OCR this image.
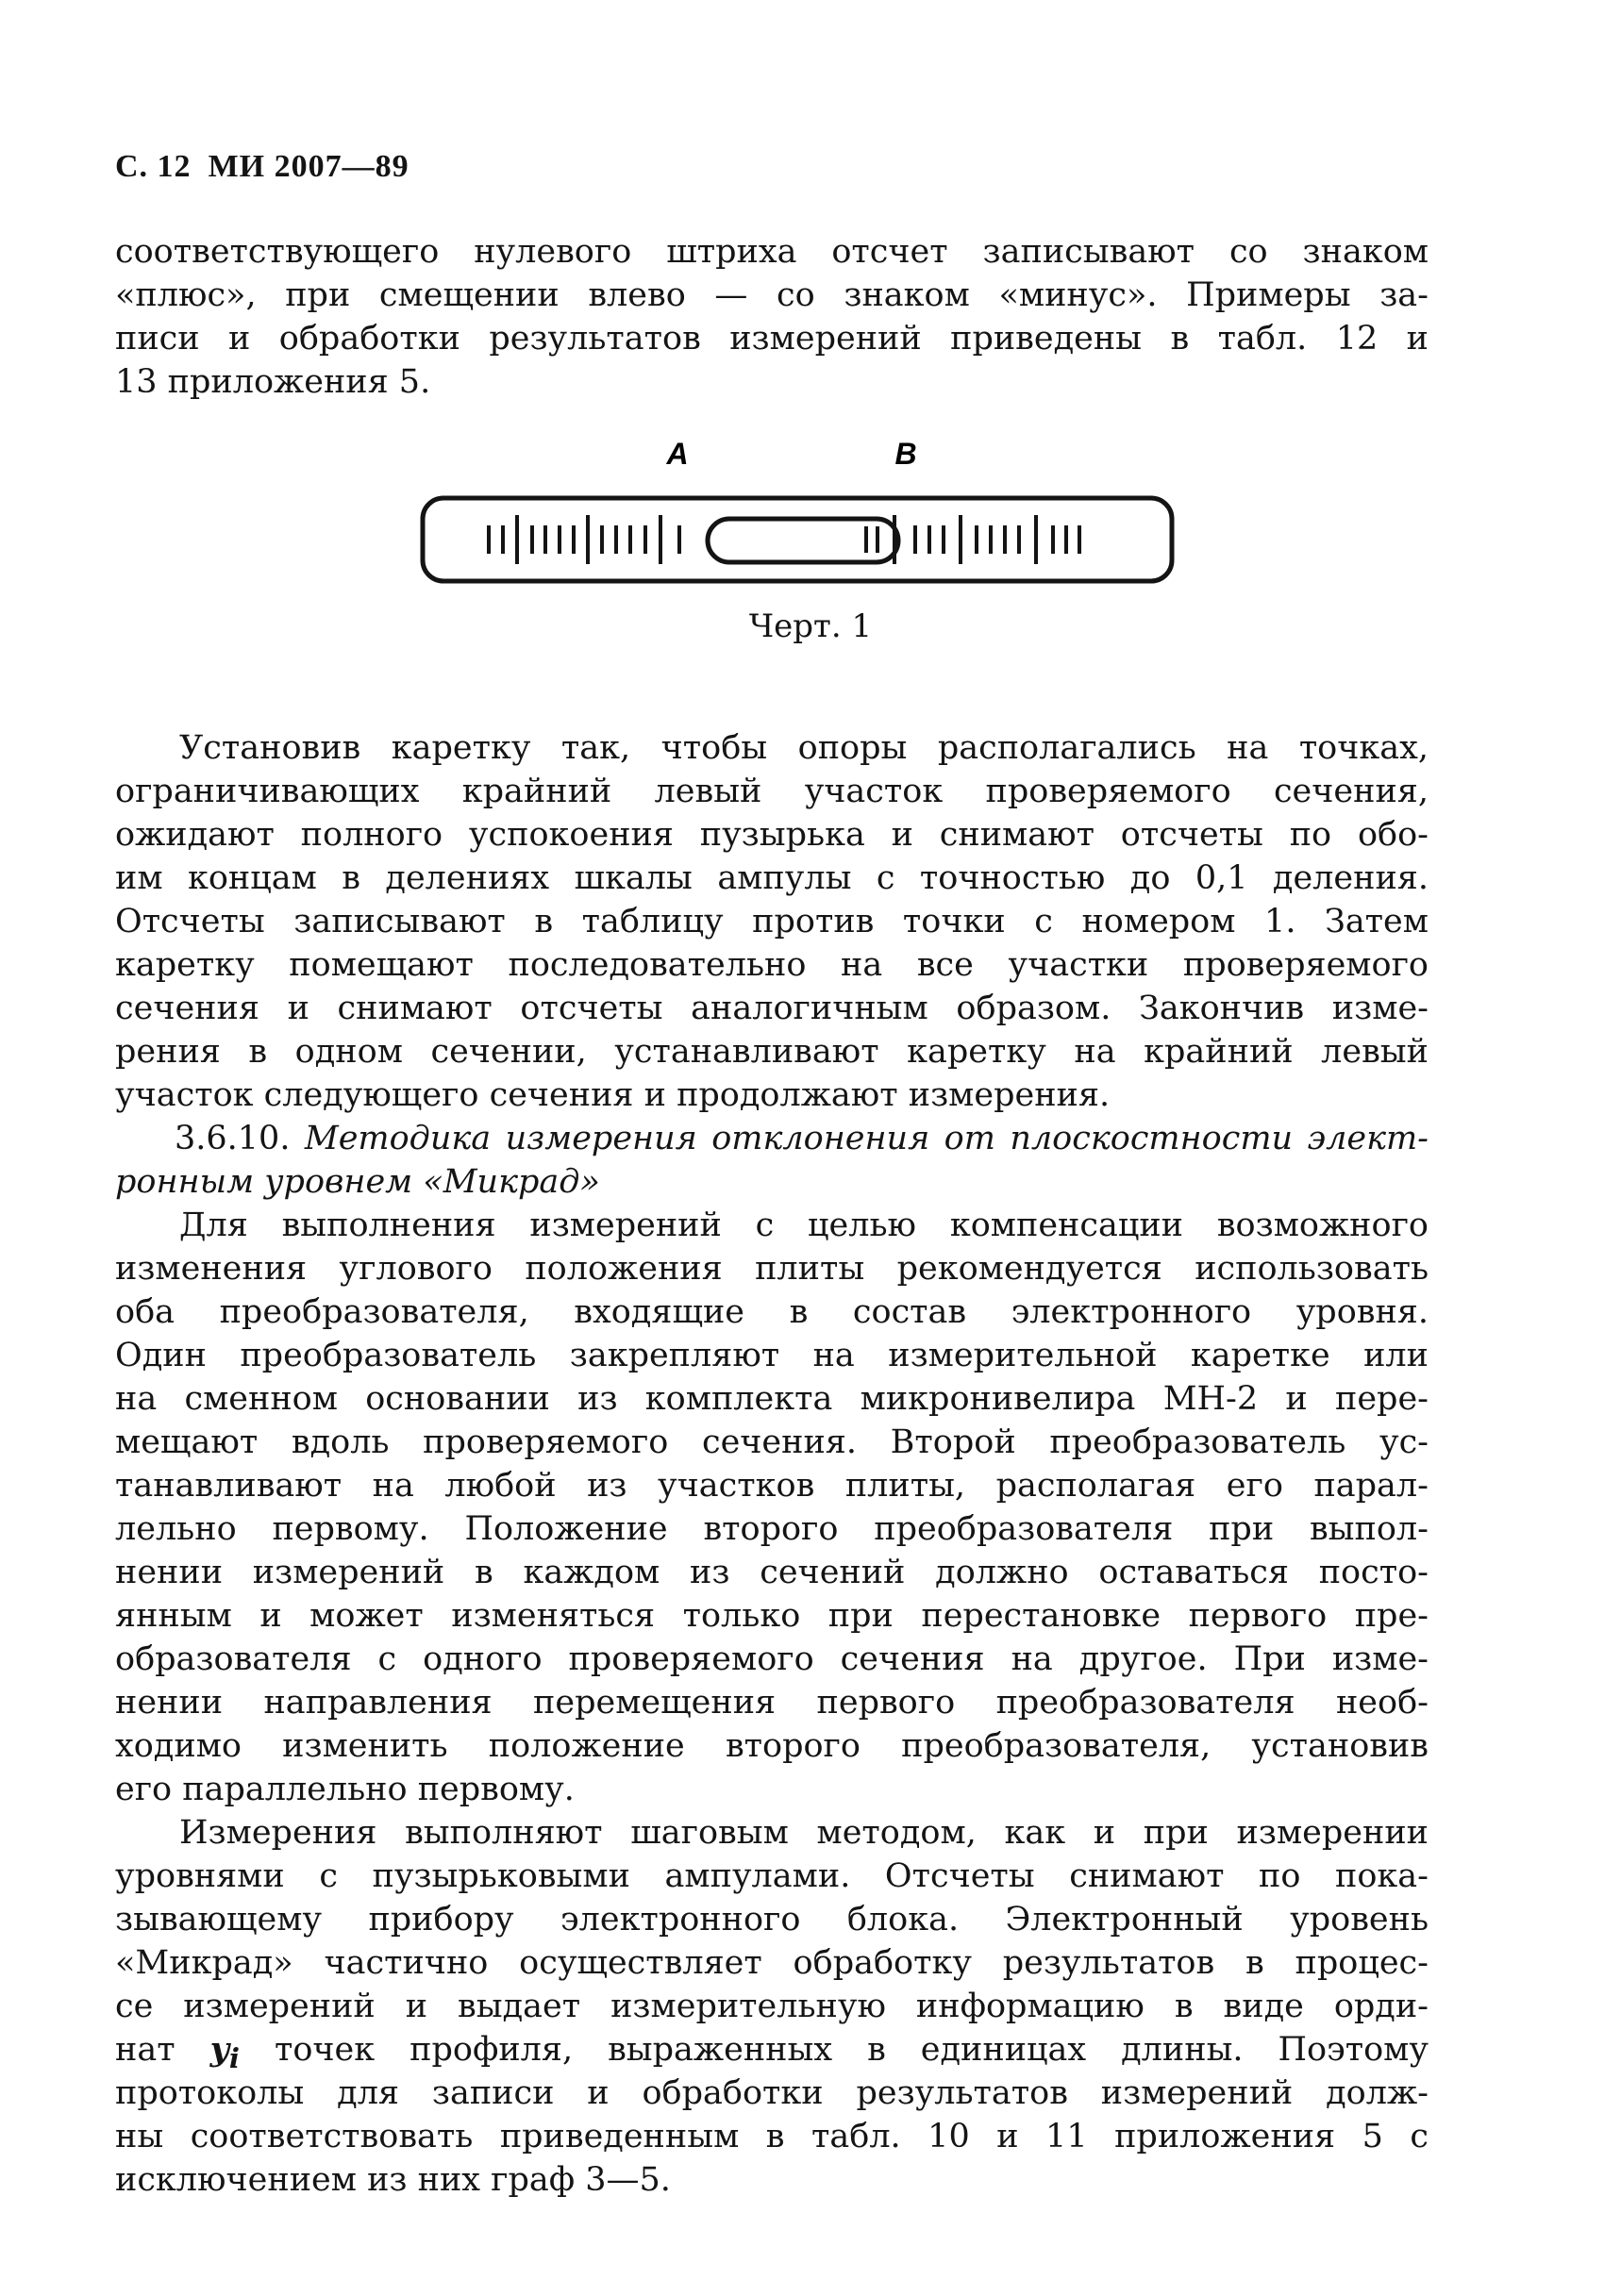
С. 12 МИ 2007—89
соответствующего нулевого штриха отсчет записывают со знаком
«плюс», при смещении влево — со знаком «минус». Примеры за-
писи и обработки результатов измерений приведены в табл. 12 и
13 приложения 5.
A	B
Черт. 1
Установив каретку так, чтобы опоры располагались на точках,
ограничивающих крайний левый участок проверяемого сечения,
ожидают полного успокоения пузырька и снимают отсчеты по обо-
им концам в делениях шкалы ампулы с точностью до 0,1 деления.
Отсчеты записывают в таблицу против точки с номером 1. Затем
каретку помещают последовательно на все участки проверяемого
сечения и снимают отсчеты аналогичным образом. Закончив изме-
рения в одном сечении, устанавливают каретку на крайний левый
участок следующего сечения и продолжают измерения.
3.6.10. Методика измерения отклонения от плоскостности элект-
ронным уровнем «Микрад»
Для выполнения измерений с целью компенсации возможного
изменения углового положения плиты рекомендуется использовать
оба преобразователя, входящие в состав электронного уровня.
Один преобразователь закрепляют на измерительной каретке или
на сменном основании из комплекта микронивелира МН-2 и пере-
мещают вдоль проверяемого сечения. Второй преобразователь ус-
танавливают на любой из участков плиты, располагая его парал-
лельно первому. Положение второго преобразователя при выпол-
нении измерений в каждом из сечений должно оставаться посто-
янным и может изменяться только при перестановке первого пре-
образователя с одного проверяемого сечения на другое. При изме-
нении направления перемещения первого преобразователя необ-
ходимо изменить положение второго преобразователя, установив
его параллельно первому.
Измерения выполняют шаговым методом, как и при измерении
уровнями с пузырьковыми ампулами. Отсчеты снимают по пока-
зывающему прибору электронного блока. Электронный уровень
«Микрад» частично осуществляет обработку результатов в процес-
се измерений и выдает измерительную информацию в виде орди-
нат $y_i$ точек профиля, выраженных в единицах длины. Поэтому
протоколы для записи и обработки результатов измерений долж-
ны соответствовать приведенным в табл. 10 и 11 приложения 5 с
исключением из них граф 3—5.
